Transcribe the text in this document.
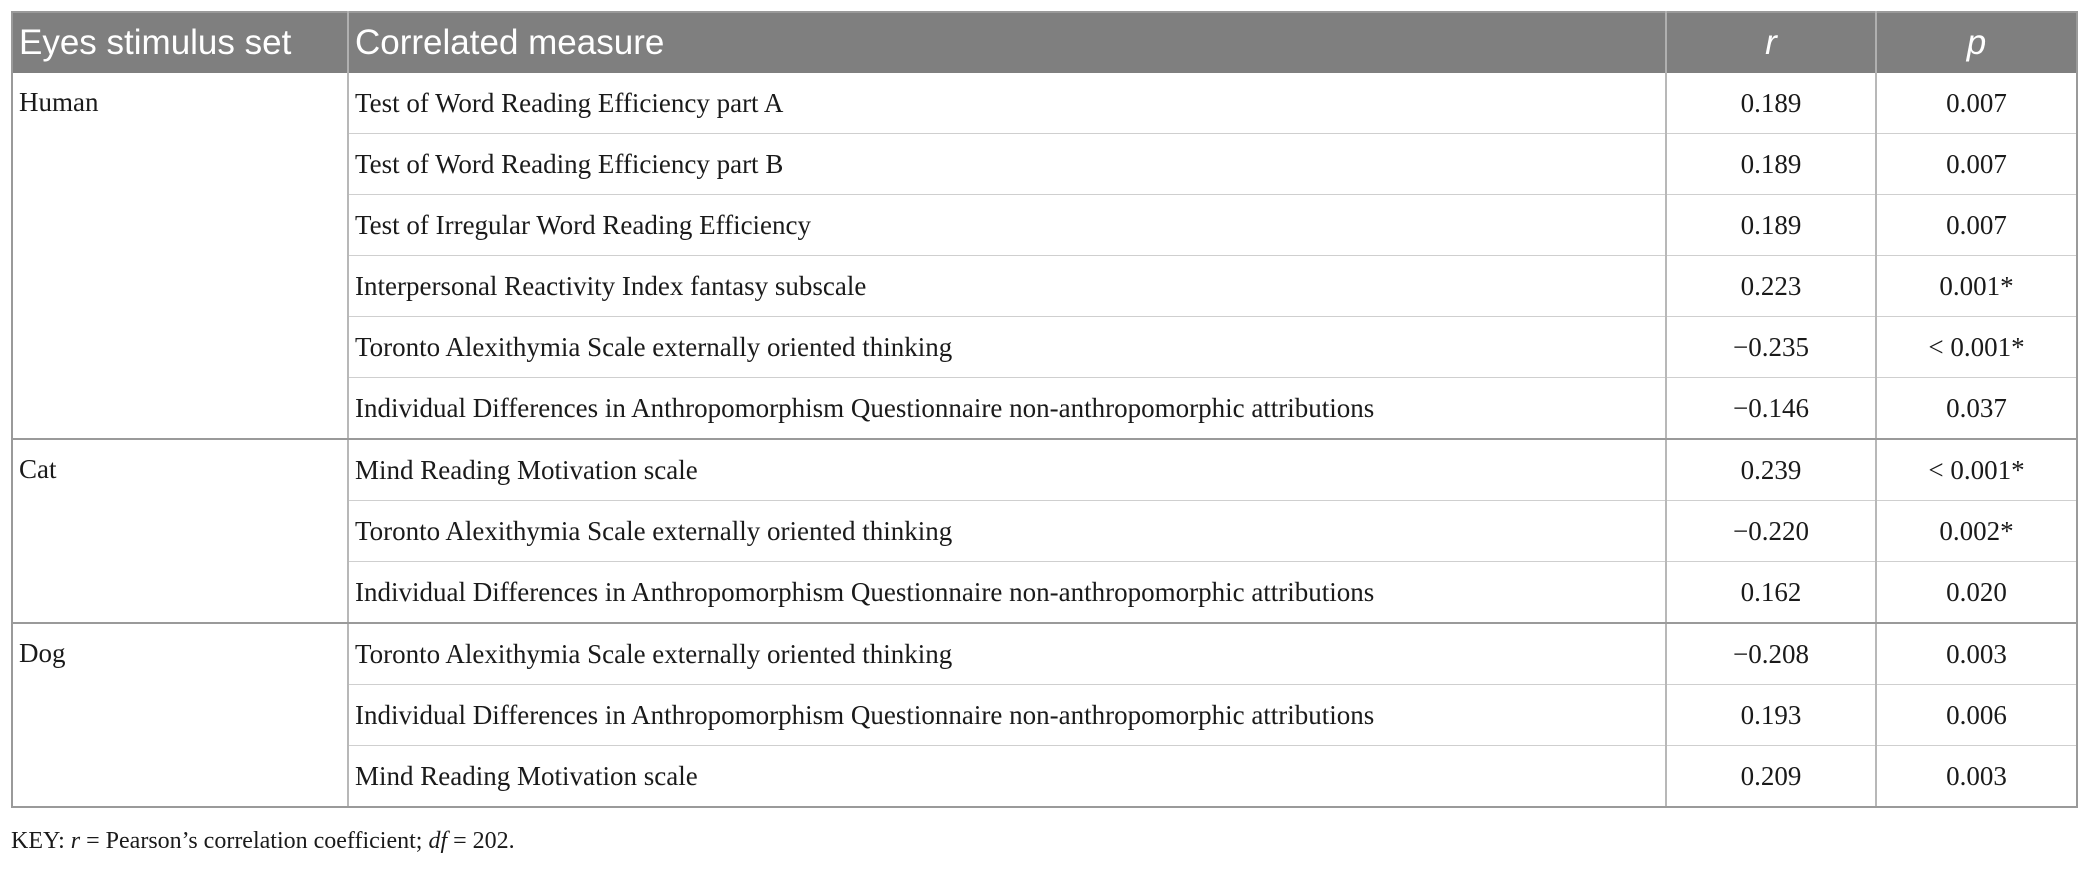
Eyes stimulus set	Correlated measure	r	p
Human	Test of Word Reading Efficiency part A	0.189	0.007
	Test of Word Reading Efficiency part B	0.189	0.007
	Test of Irregular Word Reading Efficiency	0.189	0.007
	Interpersonal Reactivity Index fantasy subscale	0.223	0.001*
	Toronto Alexithymia Scale externally oriented thinking	−0.235	< 0.001*
	Individual Differences in Anthropomorphism Questionnaire non-anthropomorphic attributions	−0.146	0.037
Cat	Mind Reading Motivation scale	0.239	< 0.001*
	Toronto Alexithymia Scale externally oriented thinking	−0.220	0.002*
	Individual Differences in Anthropomorphism Questionnaire non-anthropomorphic attributions	0.162	0.020
Dog	Toronto Alexithymia Scale externally oriented thinking	−0.208	0.003
	Individual Differences in Anthropomorphism Questionnaire non-anthropomorphic attributions	0.193	0.006
	Mind Reading Motivation scale	0.209	0.003
KEY: r = Pearson’s correlation coefficient; df = 202.
